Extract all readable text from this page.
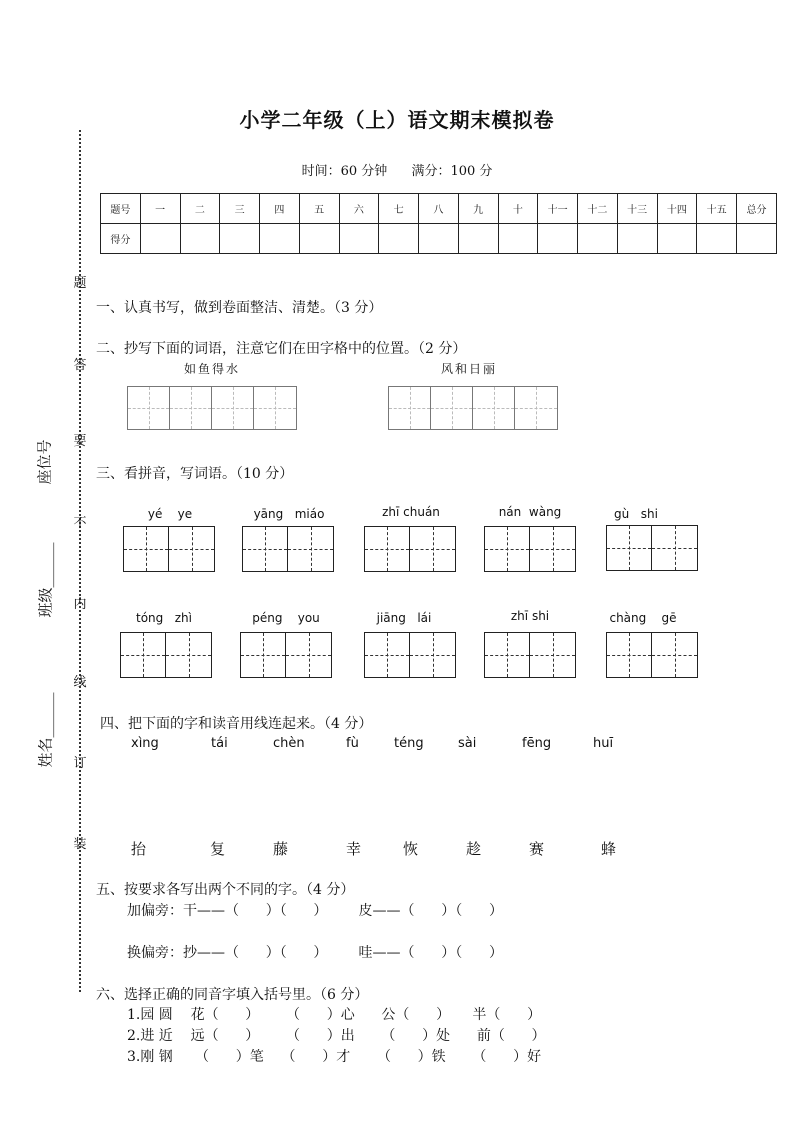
小学二年级（上）语文期末模拟卷
时间：60 分钟 满分：100 分
题号	一	二	三	四	五	六	七	八	九	十	十一	十二	十三	十四	十五	总分
得分																
题
答
要
不
内
线
订
装
座位号
班级______
姓名______
一、认真书写，做到卷面整洁、清楚。（3 分）
二、抄写下面的词语，注意它们在田字格中的位置。（2 分）
如鱼得水	风和日丽
三、看拼音，写词语。（10 分）
yé ye	yāng miáo	zhī chuán	nán wàng	gù shi
tóng zhì	péng you	jiāng lái	zhī shi	chàng gē
四、把下面的字和读音用线连起来。（4 分）
xìng	tái	chèn	fù	téng	sài	fēng	huī
抬	复	藤	幸	恢	趁	赛	蜂
五、按要求各写出两个不同的字。（4 分）
加偏旁：干——（      ）（      ）       皮——（      ）（      ）
换偏旁：抄——（      ）（      ）       哇——（      ）（      ）
六、选择正确的同音字填入括号里。（6 分）
1.园 圆    花（      ）      （      ）心      公（      ）     半（      ）
2.进 近    远（      ）      （      ）出      （      ）处      前（      ）
3.刚 钢     （      ）笔    （      ）才      （      ）铁      （      ）好
